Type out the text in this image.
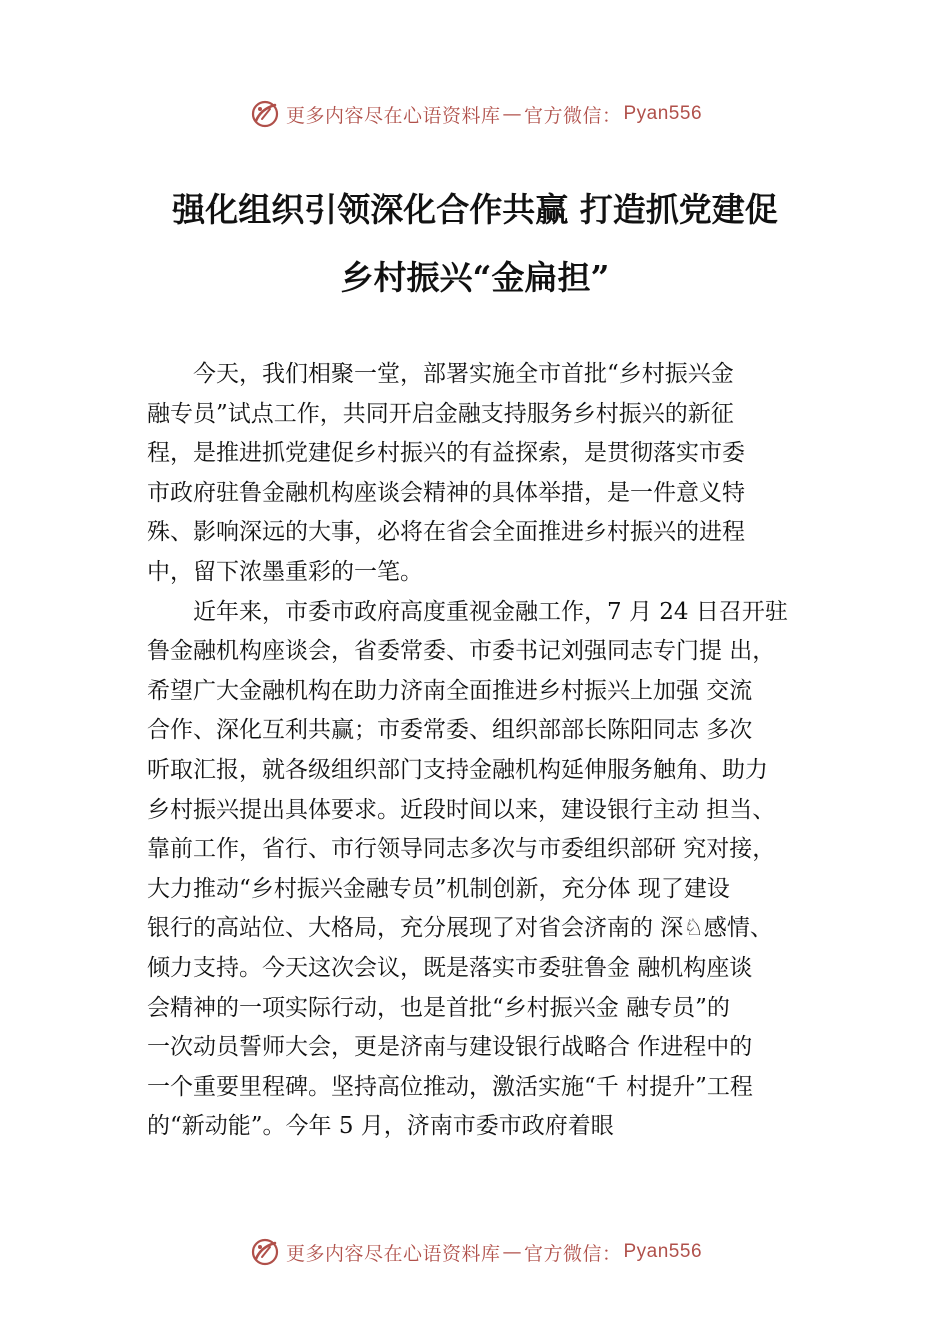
更多内容尽在心语资料库 — 官方微信： Pyan556
强化组织引领深化合作共赢 打造抓党建促
乡村振兴“金扁担”
　　今天，我们相聚一堂，部署实施全市首批“乡村振兴金
融专员”试点工作，共同开启金融支持服务乡村振兴的新征
程，是推进抓党建促乡村振兴的有益探索，是贯彻落实市委
市政府驻鲁金融机构座谈会精神的具体举措，是一件意义特
殊、影响深远的大事，必将在省会全面推进乡村振兴的进程
中，留下浓墨重彩的一笔。
　　近年来，市委市政府高度重视金融工作，7 月 24 日召开驻
鲁金融机构座谈会，省委常委、市委书记刘强同志专门提 出，
希望广大金融机构在助力济南全面推进乡村振兴上加强 交流
合作、深化互利共赢；市委常委、组织部部长陈阳同志 多次
听取汇报，就各级组织部门支持金融机构延伸服务触角、助力
乡村振兴提出具体要求。近段时间以来，建设银行主动 担当、
靠前工作，省行、市行领导同志多次与市委组织部研 究对接，
大力推动“乡村振兴金融专员”机制创新，充分体 现了建设
银行的高站位、大格局，充分展现了对省会济南的 深♘感情、
倾力支持。今天这次会议，既是落实市委驻鲁金 融机构座谈
会精神的一项实际行动，也是首批“乡村振兴金 融专员”的
一次动员誓师大会，更是济南与建设银行战略合 作进程中的
一个重要里程碑。坚持高位推动，激活实施“千 村提升”工程
的“新动能”。今年 5 月，济南市委市政府着眼
更多内容尽在心语资料库 — 官方微信： Pyan556
